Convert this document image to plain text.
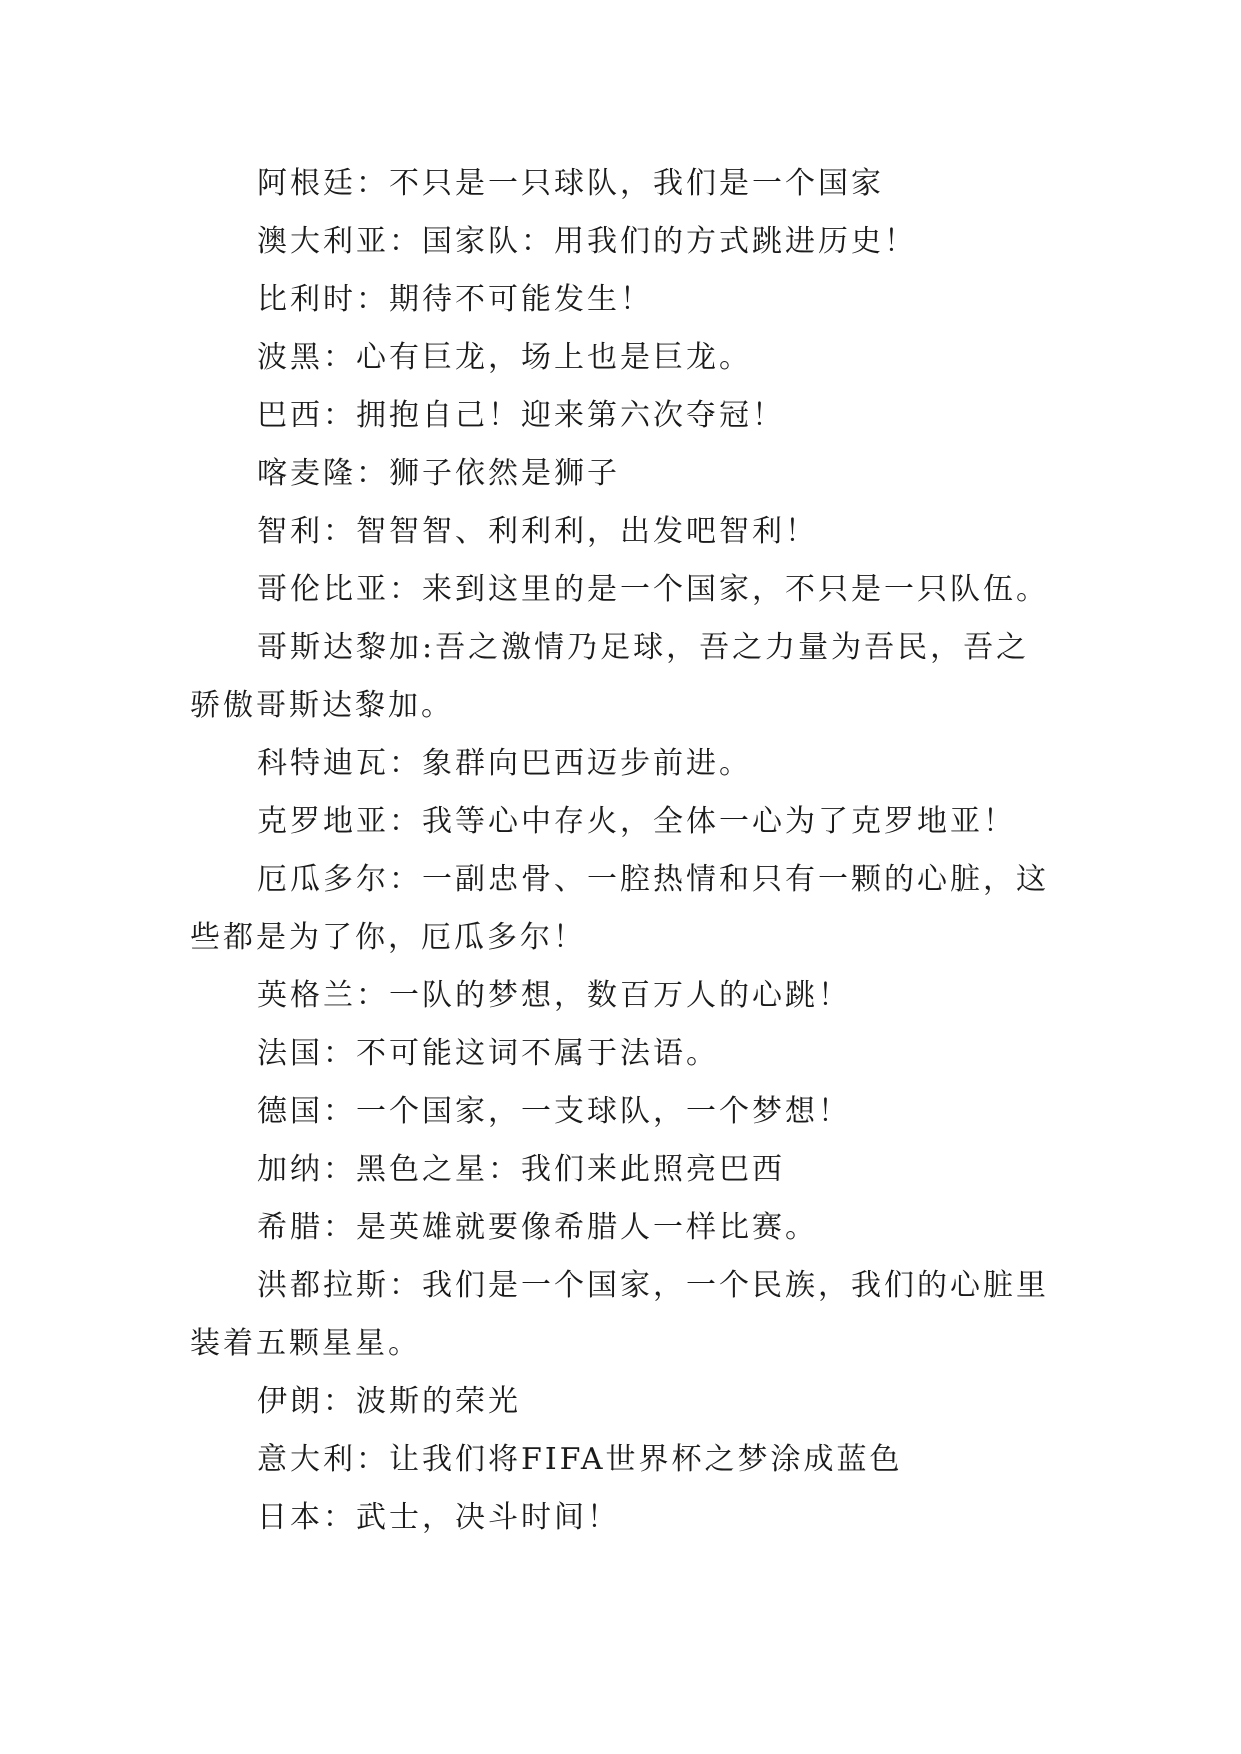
阿根廷：不只是一只球队，我们是一个国家

澳大利亚：国家队：用我们的方式跳进历史！

比利时：期待不可能发生！

波黑：心有巨龙，场上也是巨龙。

巴西：拥抱自己！迎来第六次夺冠！

喀麦隆：狮子依然是狮子

智利：智智智、利利利，出发吧智利！

哥伦比亚：来到这里的是一个国家，不只是一只队伍。

哥斯达黎加:吾之激情乃足球，吾之力量为吾民，吾之骄傲哥斯达黎加。

科特迪瓦：象群向巴西迈步前进。

克罗地亚：我等心中存火，全体一心为了克罗地亚！

厄瓜多尔：一副忠骨、一腔热情和只有一颗的心脏，这些都是为了你，厄瓜多尔！

英格兰：一队的梦想，数百万人的心跳！

法国：不可能这词不属于法语。

德国：一个国家，一支球队，一个梦想！

加纳：黑色之星：我们来此照亮巴西

希腊：是英雄就要像希腊人一样比赛。

洪都拉斯：我们是一个国家，一个民族，我们的心脏里装着五颗星星。

伊朗：波斯的荣光

意大利：让我们将FIFA世界杯之梦涂成蓝色

日本：武士，决斗时间！
